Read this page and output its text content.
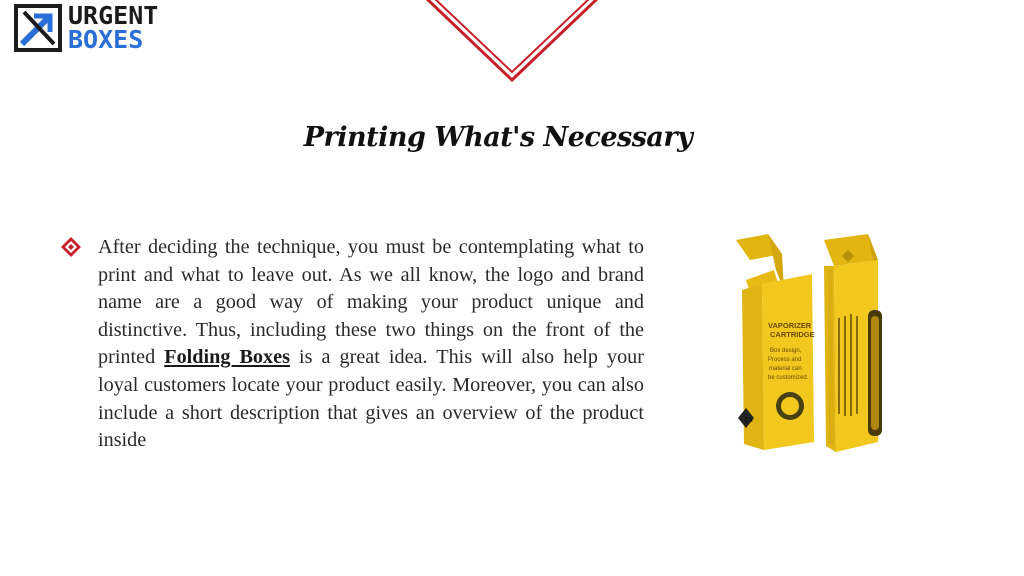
URGENT
BOXES
Printing What's Necessary
After deciding the technique, you must be contemplating what to print and what to leave out. As we all know, the logo and brand name are a good way of making your product unique and distinctive. Thus, including these two things on the front of the printed Folding Boxes is a great idea. This will also help your loyal customers locate your product easily. Moreover, you can also include a short description that gives an overview of the product inside
VAPORIZER
CARTRIDGE
Box design,
Process and
material can
be customized.
CA
